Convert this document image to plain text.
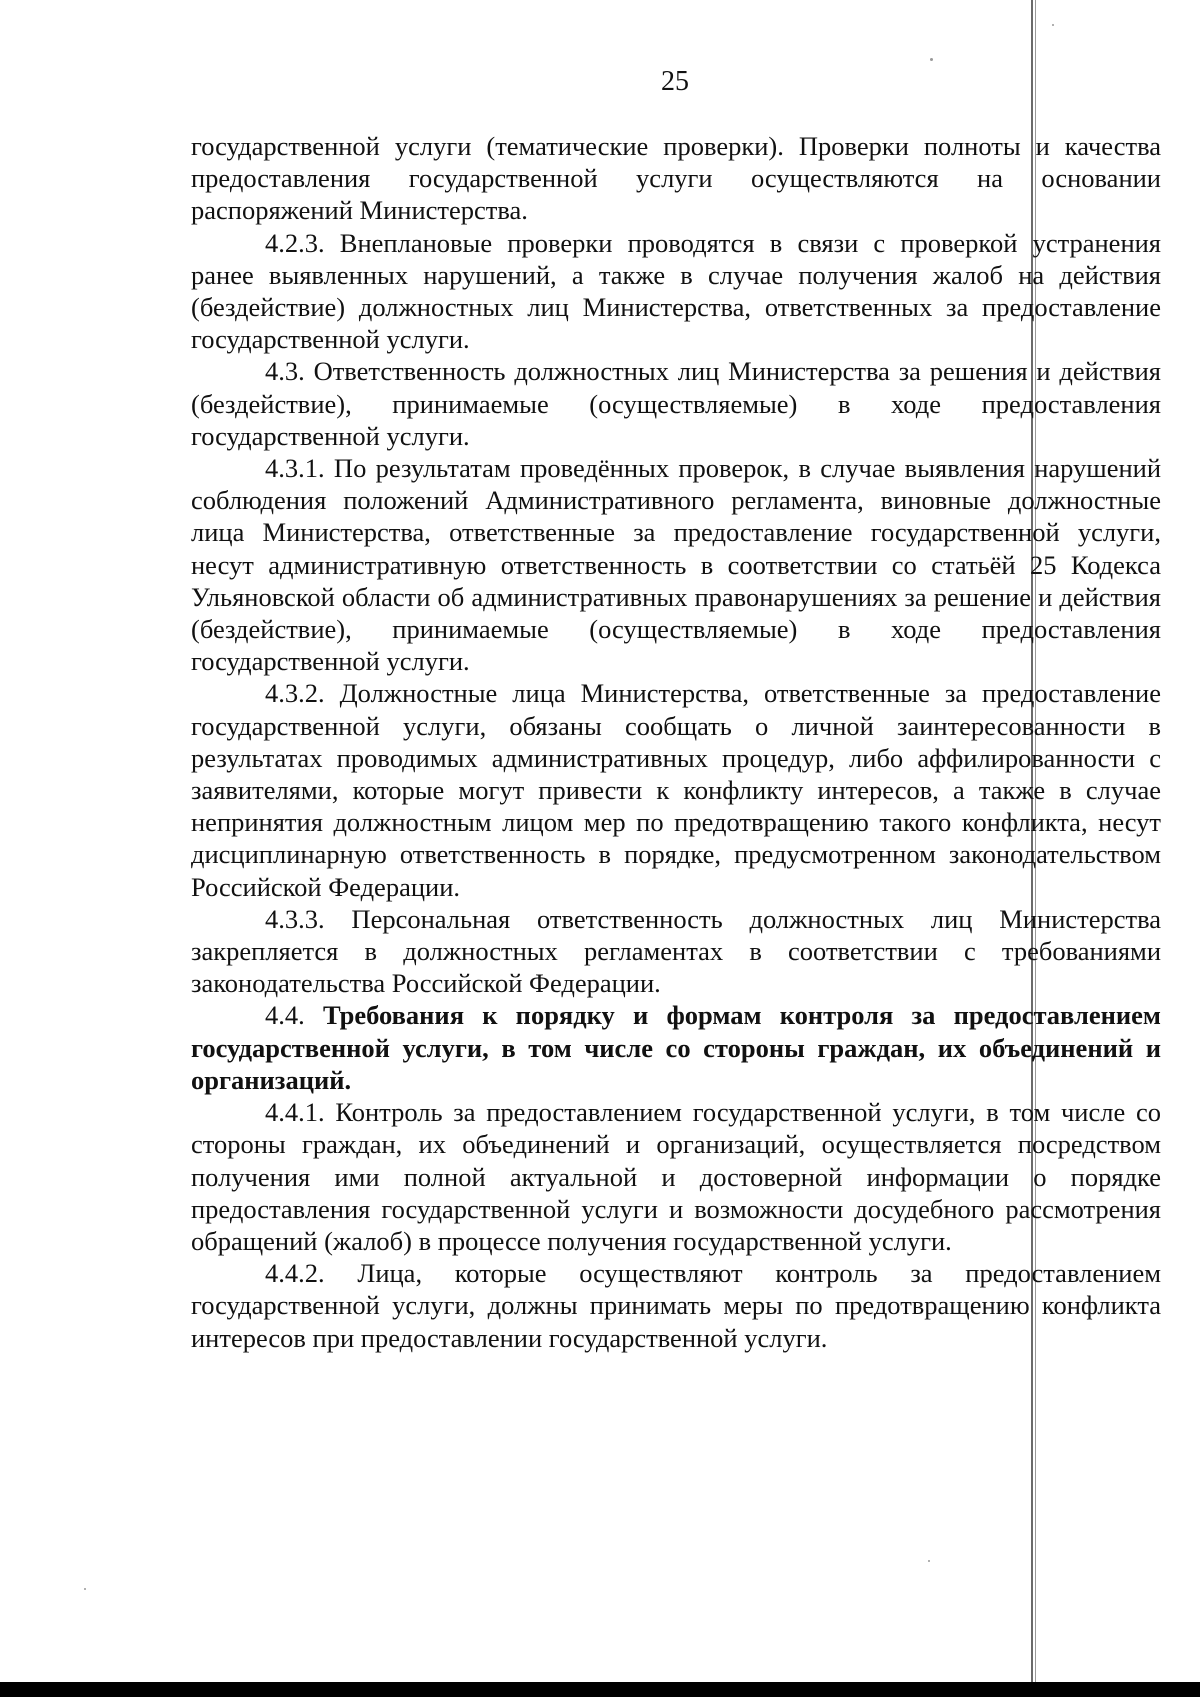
25

государственной услуги (тематические проверки). Проверки полноты и качества предоставления государственной услуги осуществляются на основании распоряжений Министерства.

4.2.3. Внеплановые проверки проводятся в связи с проверкой устранения ранее выявленных нарушений, а также в случае получения жалоб на действия (бездействие) должностных лиц Министерства, ответственных за предоставление государственной услуги.

4.3. Ответственность должностных лиц Министерства за решения и действия (бездействие), принимаемые (осуществляемые) в ходе предоставления государственной услуги.

4.3.1. По результатам проведённых проверок, в случае выявления нарушений соблюдения положений Административного регламента, виновные должностные лица Министерства, ответственные за предоставление государственной услуги, несут административную ответственность в соответствии со статьёй 25 Кодекса Ульяновской области об административных правонарушениях за решение и действия (бездействие), принимаемые (осуществляемые) в ходе предоставления государственной услуги.

4.3.2. Должностные лица Министерства, ответственные за предоставление государственной услуги, обязаны сообщать о личной заинтересованности в результатах проводимых административных процедур, либо аффилированности с заявителями, которые могут привести к конфликту интересов, а также в случае непринятия должностным лицом мер по предотвращению такого конфликта, несут дисциплинарную ответственность в порядке, предусмотренном законодательством Российской Федерации.

4.3.3. Персональная ответственность должностных лиц Министерства закрепляется в должностных регламентах в соответствии с требованиями законодательства Российской Федерации.

4.4. Требования к порядку и формам контроля за предоставлением государственной услуги, в том числе со стороны граждан, их объединений и организаций.

4.4.1. Контроль за предоставлением государственной услуги, в том числе со стороны граждан, их объединений и организаций, осуществляется посредством получения ими полной актуальной и достоверной информации о порядке предоставления государственной услуги и возможности досудебного рассмотрения обращений (жалоб) в процессе получения государственной услуги.

4.4.2. Лица, которые осуществляют контроль за предоставлением государственной услуги, должны принимать меры по предотвращению конфликта интересов при предоставлении государственной услуги.
